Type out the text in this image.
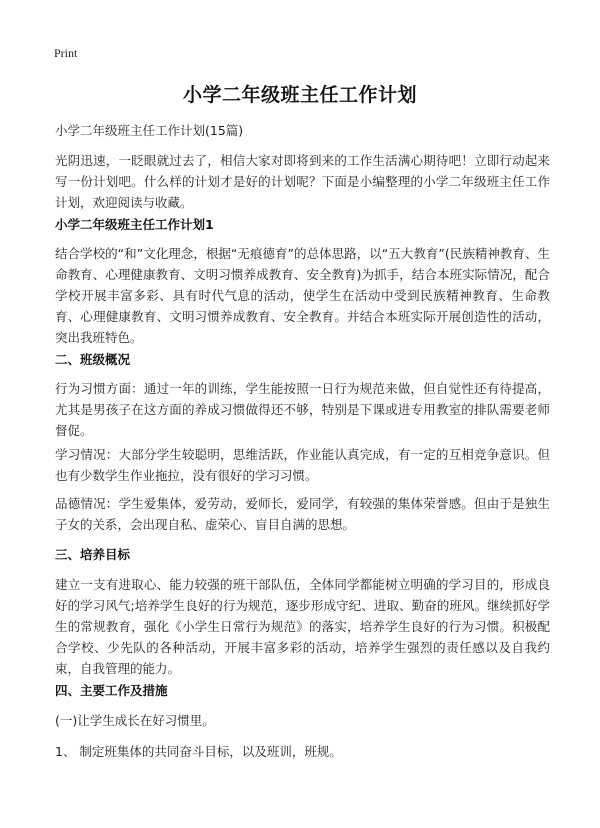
Print
小学二年级班主任工作计划
小学二年级班主任工作计划(15篇)
光阴迅速，一眨眼就过去了，相信大家对即将到来的工作生活满心期待吧！立即行动起来写一份计划吧。什么样的计划才是好的计划呢？下面是小编整理的小学二年级班主任工作计划，欢迎阅读与收藏。
小学二年级班主任工作计划1
结合学校的“和”文化理念，根据“无痕德育”的总体思路，以“五大教育”(民族精神教育、生命教育、心理健康教育、文明习惯养成教育、安全教育)为抓手，结合本班实际情况，配合学校开展丰富多彩、具有时代气息的活动，使学生在活动中受到民族精神教育、生命教育、心理健康教育、文明习惯养成教育、安全教育。并结合本班实际开展创造性的活动，突出我班特色。
二、班级概况
行为习惯方面：通过一年的训练，学生能按照一日行为规范来做，但自觉性还有待提高，尤其是男孩子在这方面的养成习惯做得还不够，特别是下课或进专用教室的排队需要老师督促。
学习情况：大部分学生较聪明，思维活跃，作业能认真完成，有一定的互相竞争意识。但也有少数学生作业拖拉，没有很好的学习习惯。
品德情况：学生爱集体，爱劳动，爱师长，爱同学，有较强的集体荣誉感。但由于是独生子女的关系，会出现自私、虚荣心、盲目自满的思想。
三、培养目标
建立一支有进取心、能力较强的班干部队伍，全体同学都能树立明确的学习目的，形成良好的学习风气;培养学生良好的行为规范，逐步形成守纪、进取、勤奋的班风。继续抓好学生的常规教育，强化《小学生日常行为规范》的落实，培养学生良好的行为习惯。积极配合学校、少先队的各种活动，开展丰富多彩的活动，培养学生强烈的责任感以及自我约束，自我管理的能力。
四、主要工作及措施
(一)让学生成长在好习惯里。
1、 制定班集体的共同奋斗目标，以及班训，班规。
